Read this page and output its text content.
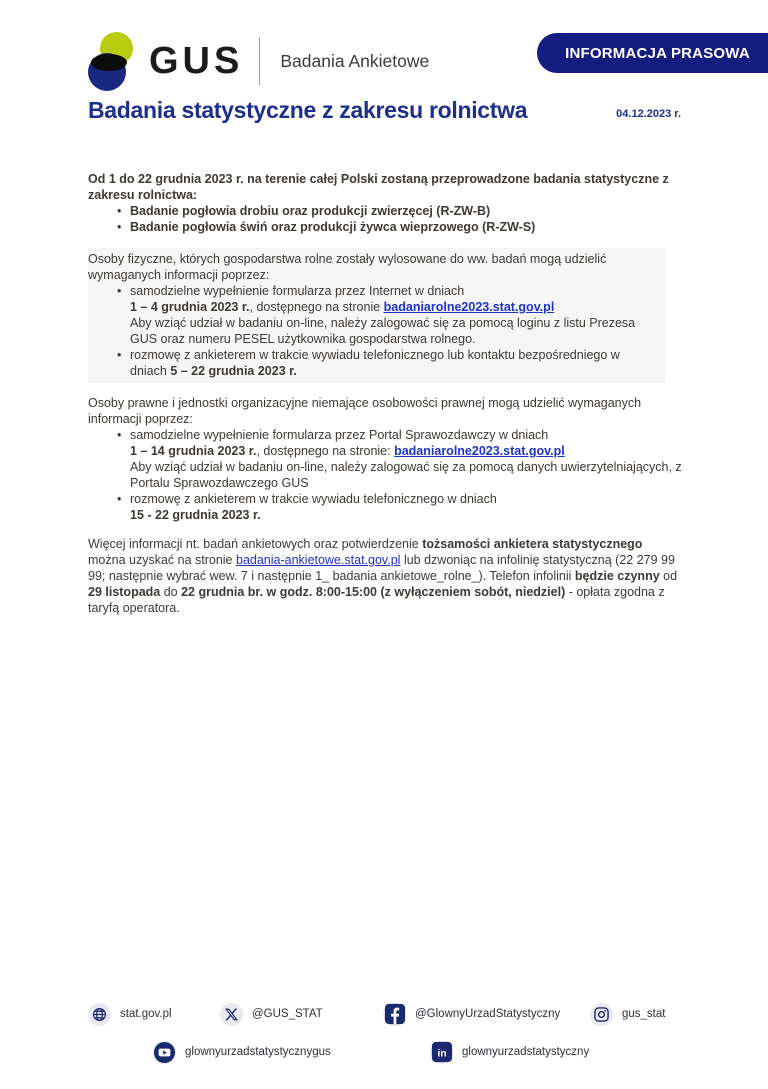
GUS Badania Ankietowe	INFORMACJA PRASOWA
Badania statystyczne z zakresu rolnictwa	04.12.2023 r.
Od 1 do 22 grudnia 2023 r. na terenie całej Polski zostaną przeprowadzone badania statystyczne z zakresu rolnictwa:
• Badanie pogłowia drobiu oraz produkcji zwierzęcej (R-ZW-B)
• Badanie pogłowia świń oraz produkcji żywca wieprzowego (R-ZW-S)
Osoby fizyczne, których gospodarstwa rolne zostały wylosowane do ww. badań mogą udzielić wymaganych informacji poprzez:
• samodzielne wypełnienie formularza przez Internet w dniach
1 – 4 grudnia 2023 r., dostępnego na stronie badaniarolne2023.stat.gov.pl
Aby wziąć udział w badaniu on-line, należy zalogować się za pomocą loginu z listu Prezesa GUS oraz numeru PESEL użytkownika gospodarstwa rolnego.
• rozmowę z ankieterem w trakcie wywiadu telefonicznego lub kontaktu bezpośredniego w dniach 5 – 22 grudnia 2023 r.
Osoby prawne i jednostki organizacyjne niemające osobowości prawnej mogą udzielić wymaganych informacji poprzez:
• samodzielne wypełnienie formularza przez Portal Sprawozdawczy w dniach
1 – 14 grudnia 2023 r., dostępnego na stronie: badaniarolne2023.stat.gov.pl
Aby wziąć udział w badaniu on-line, należy zalogować się za pomocą danych uwierzytelniających, z Portalu Sprawozdawczego GUS
• rozmowę z ankieterem w trakcie wywiadu telefonicznego w dniach
15 - 22 grudnia 2023 r.
Więcej informacji nt. badań ankietowych oraz potwierdzenie tożsamości ankietera statystycznego można uzyskać na stronie badania-ankietowe.stat.gov.pl lub dzwoniąc na infolinię statystyczną (22 279 99 99; następnie wybrać wew. 7 i następnie 1_ badania ankietowe_rolne_). Telefon infolinii będzie czynny od 29 listopada do 22 grudnia br. w godz. 8:00-15:00 (z wyłączeniem sobót, niedziel) - opłata zgodna z taryfą operatora.
stat.gov.pl	@GUS_STAT	@GlownyUrzadStatystyczny	gus_stat
glownyurzadstatystycznygus	in glownyurzadstatystyczny
